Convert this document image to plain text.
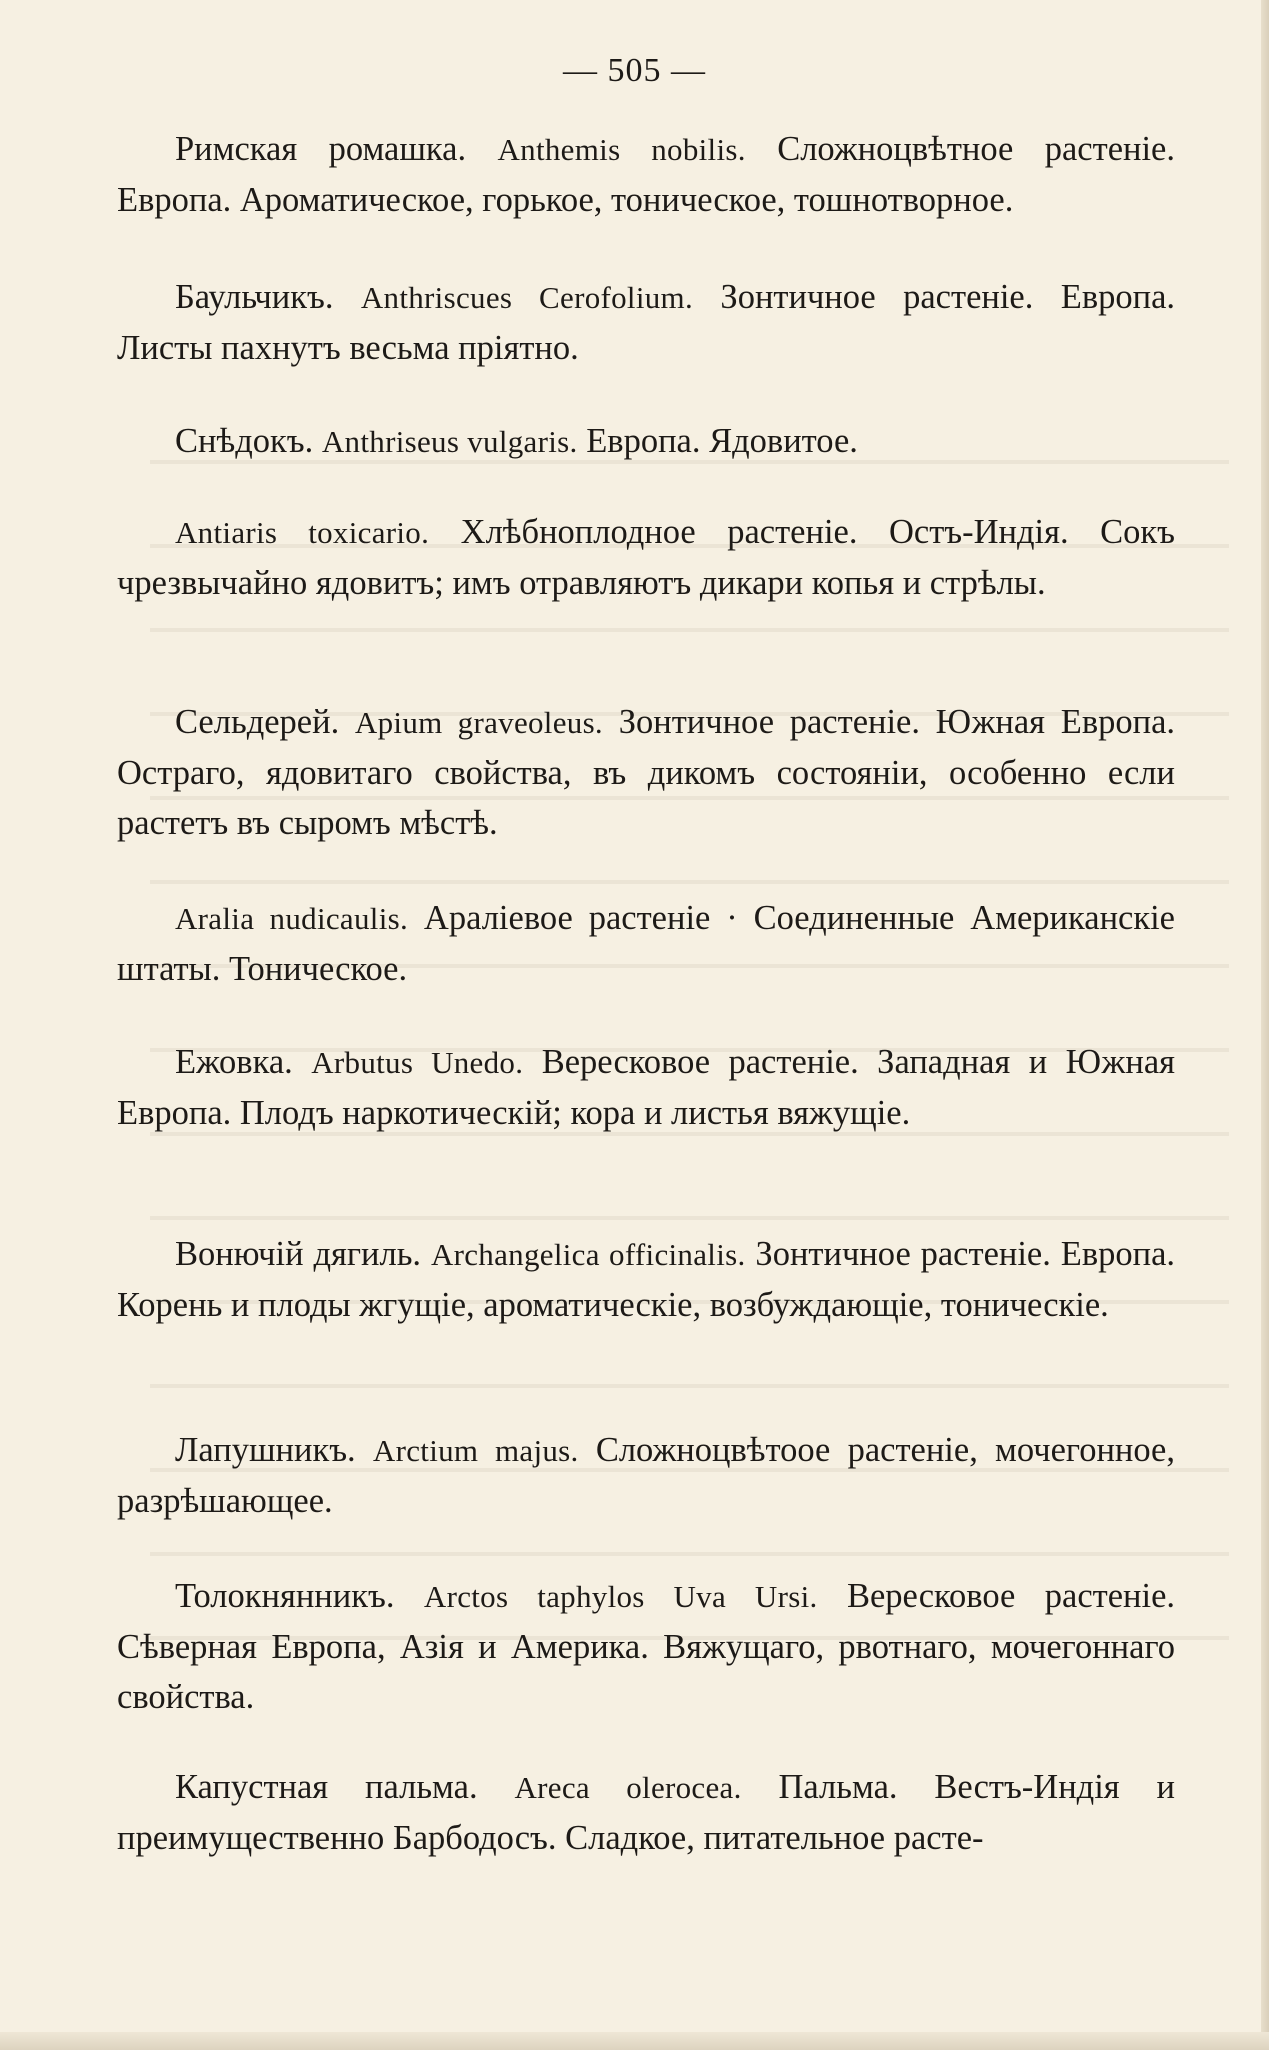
— 505 —

Римская ромашка. Anthemis nobilis. Сложноцвѣтное растеніе. Европа. Ароматическое, горькое, тоническое, тошнотворное.

Баульчикъ. Anthriscues Cerofolium. Зонтичное растеніе. Европа. Листы пахнутъ весьма пріятно.

Снѣдокъ. Anthriseus vulgaris. Европа. Ядовитое.

Antiaris toxicario. Хлѣбноплодное растеніе. Остъ-Индія. Сокъ чрезвычайно ядовитъ; имъ отравляютъ дикари копья и стрѣлы.

Сельдерей. Apium graveoleus. Зонтичное растеніе. Южная Европа. Остраго, ядовитаго свойства, въ дикомъ состояніи, особенно если растетъ въ сыромъ мѣстѣ.

Aralia nudicaulis. Араліевое растеніе · Соединенные Американскіе штаты. Тоническое.

Ежовка. Arbutus Unedo. Вересковое растеніе. Западная и Южная Европа. Плодъ наркотическій; кора и листья вяжущіе.

Вонючій дягиль. Archangelica officinalis. Зонтичное растеніе. Европа. Корень и плоды жгущіе, ароматическіе, возбуждающіе, тоническіе.

Лапушникъ. Arctium majus. Сложноцвѣтоое растеніе, мочегонное, разрѣшающее.

Толокнянникъ. Arctos taphylos Uva Ursi. Вересковое растеніе. Сѣверная Европа, Азія и Америка. Вяжущаго, рвотнаго, мочегоннаго свойства.

Капустная пальма. Areca olerocea. Пальма. Вестъ-Индія и преимущественно Барбодосъ. Сладкое, питательное расте-
